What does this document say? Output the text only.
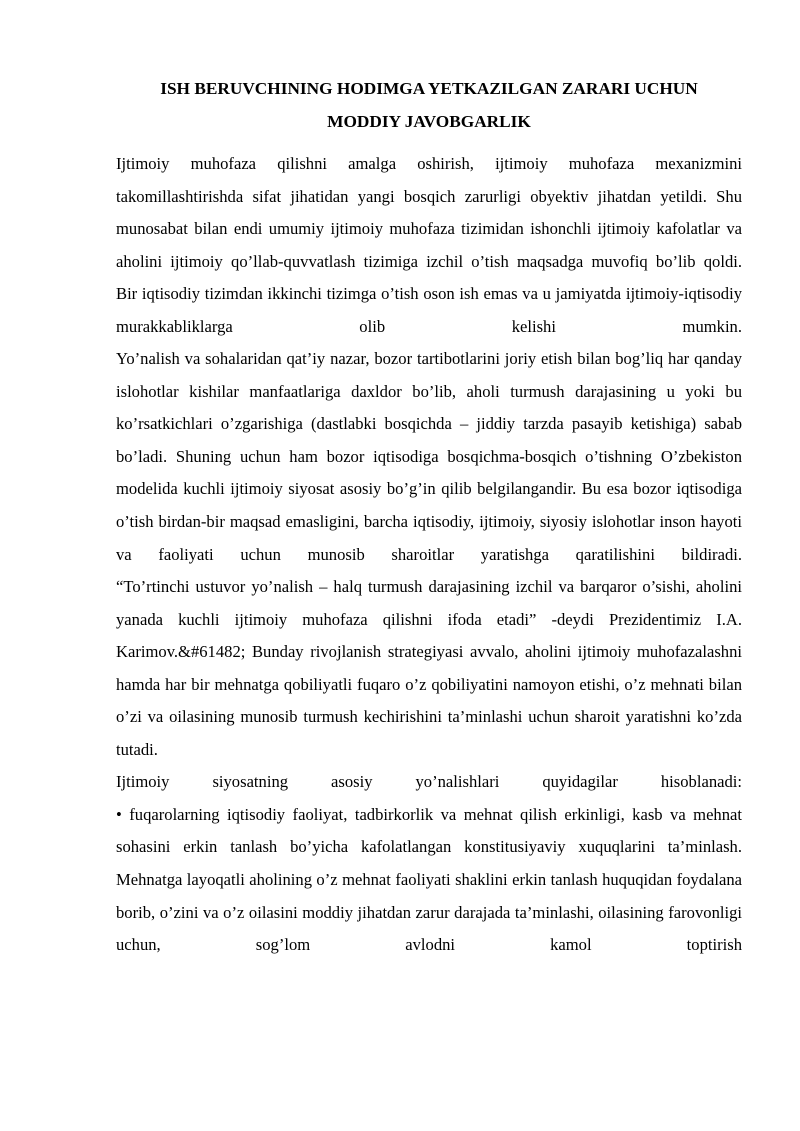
ISH BERUVCHINING HODIMGA YETKAZILGAN ZARARI UCHUN
MODDIY JAVOBGARLIK

Ijtimoiy muhofaza qilishni amalga oshirish, ijtimoiy muhofaza mexanizmini takomillashtirishda sifat jihatidan yangi bosqich zarurligi obyektiv jihatdan yetildi. Shu munosabat bilan endi umumiy ijtimoiy muhofaza tizimidan ishonchli ijtimoiy kafolatlar va aholini ijtimoiy qo’llab-quvvatlash tizimiga izchil o’tish maqsadga muvofiq bo’lib qoldi.

Bir iqtisodiy tizimdan ikkinchi tizimga o’tish oson ish emas va u jamiyatda ijtimoiy-iqtisodiy murakkabliklarga olib kelishi mumkin.

Yo’nalish va sohalaridan qat’iy nazar, bozor tartibotlarini joriy etish bilan bog’liq har qanday islohotlar kishilar manfaatlariga daxldor bo’lib, aholi turmush darajasining u yoki bu ko’rsatkichlari o’zgarishiga (dastlabki bosqichda – jiddiy tarzda pasayib ketishiga) sabab bo’ladi. Shuning uchun ham bozor iqtisodiga bosqichma-bosqich o’tishning O’zbekiston modelida kuchli ijtimoiy siyosat asosiy bo’g’in qilib belgilangandir. Bu esa bozor iqtisodiga o’tish birdan-bir maqsad emasligini, barcha iqtisodiy, ijtimoiy, siyosiy islohotlar inson hayoti va faoliyati uchun munosib sharoitlar yaratishga qaratilishini bildiradi.

“To’rtinchi ustuvor yo’nalish – halq turmush darajasining izchil va barqaror o’sishi, aholini yanada kuchli ijtimoiy muhofaza qilishni ifoda etadi” -deydi Prezidentimiz I.A. Karimov.&#61482; Bunday rivojlanish strategiyasi avvalo, aholini ijtimoiy muhofazalashni hamda har bir mehnatga qobiliyatli fuqaro o’z qobiliyatini namoyon etishi, o’z mehnati bilan o’zi va oilasining munosib turmush kechirishini ta’minlashi uchun sharoit yaratishni ko’zda tutadi.

Ijtimoiy siyosatning asosiy yo’nalishlari quyidagilar hisoblanadi:

• fuqarolarning iqtisodiy faoliyat, tadbirkorlik va mehnat qilish erkinligi, kasb va mehnat sohasini erkin tanlash bo’yicha kafolatlangan konstitusiyaviy xuquqlarini ta’minlash. Mehnatga layoqatli aholining o’z mehnat faoliyati shaklini erkin tanlash huquqidan foydalana borib, o’zini va o’z oilasini moddiy jihatdan zarur darajada ta’minlashi, oilasining farovonligi uchun, sog’lom avlodni kamol toptirish
